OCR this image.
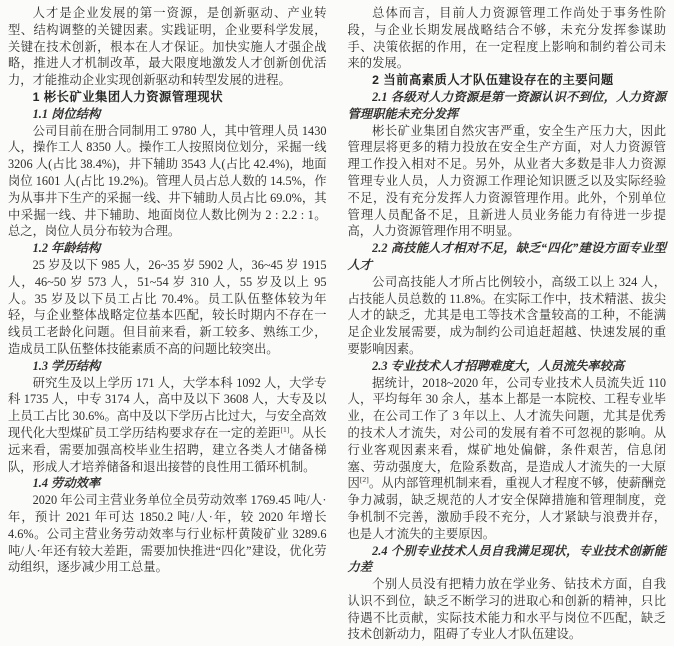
人才是企业发展的第一资源，是创新驱动、产业转型、结构调整的关键因素。实践证明，企业要科学发展，关键在技术创新，根本在人才保证。加快实施人才强企战略，推进人才机制改革，最大限度地激发人才创新创优活力，才能推动企业实现创新驱动和转型发展的进程。
1 彬长矿业集团人力资源管理现状
1.1 岗位结构
公司目前在册合同制用工 9780 人，其中管理人员 1430 人，操作工人 8350 人。操作工人按照岗位划分，采掘一线 3206 人(占比 38.4%)，井下辅助 3543 人(占比 42.4%)，地面岗位 1601 人(占比 19.2%)。管理人员占总人数的 14.5%，作为从事井下生产的采掘一线、井下辅助人员占比 69.0%，其中采掘一线、井下辅助、地面岗位人数比例为 2 : 2.2 : 1。总之，岗位人员分布较为合理。
1.2 年龄结构
25 岁及以下 985 人，26~35 岁 5902 人，36~45 岁 1915 人，46~50 岁 573 人，51~54 岁 310 人，55 岁及以上 95 人。35 岁及以下员工占比 70.4%。员工队伍整体较为年轻，与企业整体战略定位基本匹配，较长时期内不存在一线员工老龄化问题。但目前来看，新工较多、熟练工少，造成员工队伍整体技能素质不高的问题比较突出。
1.3 学历结构
研究生及以上学历 171 人，大学本科 1092 人，大学专科 1735 人，中专 3174 人，高中及以下 3608 人，大专及以上员工占比 30.6%。高中及以下学历占比过大，与安全高效现代化大型煤矿员工学历结构要求存在一定的差距[1]。从长远来看，需要加强高校毕业生招聘，建立各类人才储备梯队，形成人才培养储备和退出接替的良性用工循环机制。
1.4 劳动效率
2020 年公司主营业务单位全员劳动效率 1769.45 吨/人·年，预计 2021 年可达 1850.2 吨/人·年，较 2020 年增长 4.6%。公司主营业务劳动效率与行业标杆黄陵矿业 3289.6 吨/人·年还有较大差距，需要加快推进“四化”建设，优化劳动组织，逐步减少用工总量。
总体而言，目前人力资源管理工作尚处于事务性阶段，与企业长期发展战略结合不够，未充分发挥参谋助手、决策依据的作用，在一定程度上影响和制约着公司未来的发展。
2 当前高素质人才队伍建设存在的主要问题
2.1 各级对人力资源是第一资源认识不到位，人力资源管理职能未充分发挥
彬长矿业集团自然灾害严重，安全生产压力大，因此管理层将更多的精力投放在安全生产方面，对人力资源管理工作投入相对不足。另外，从业者大多数是非人力资源管理专业人员，人力资源工作理论知识匮乏以及实际经验不足，没有充分发挥人力资源管理作用。此外，个别单位管理人员配备不足，且新进人员业务能力有待进一步提高，人力资源管理作用不明显。
2.2 高技能人才相对不足，缺乏“四化”建设方面专业型人才
公司高技能人才所占比例较小，高级工以上 324 人，占技能人员总数的 11.8%。在实际工作中，技术精湛、拔尖人才的缺乏，尤其是电工等技术含量较高的工种，不能满足企业发展需要，成为制约公司追赶超越、快速发展的重要影响因素。
2.3 专业技术人才招聘难度大，人员流失率较高
据统计，2018~2020 年，公司专业技术人员流失近 110 人，平均每年 30 余人，基本上都是一本院校、工程专业毕业，在公司工作了 3 年以上、人才流失问题，尤其是优秀的技术人才流失，对公司的发展有着不可忽视的影响。从行业客观因素来看，煤矿地处偏僻，条件艰苦，信息闭塞、劳动强度大，危险系数高，是造成人才流失的一大原因[2]。从内部管理机制来看，重视人才程度不够，使薪酬竞争力减弱，缺乏规范的人才安全保障措施和管理制度，竞争机制不完善，激励手段不充分，人才紧缺与浪费并存，也是人才流失的主要原因。
2.4 个别专业技术人员自我满足现状，专业技术创新能力差
个别人员没有把精力放在学业务、钻技术方面，自我认识不到位，缺乏不断学习的进取心和创新的精神，只比待遇不比贡献，实际技术能力和水平与岗位不匹配，缺乏技术创新动力，阻碍了专业人才队伍建设。
